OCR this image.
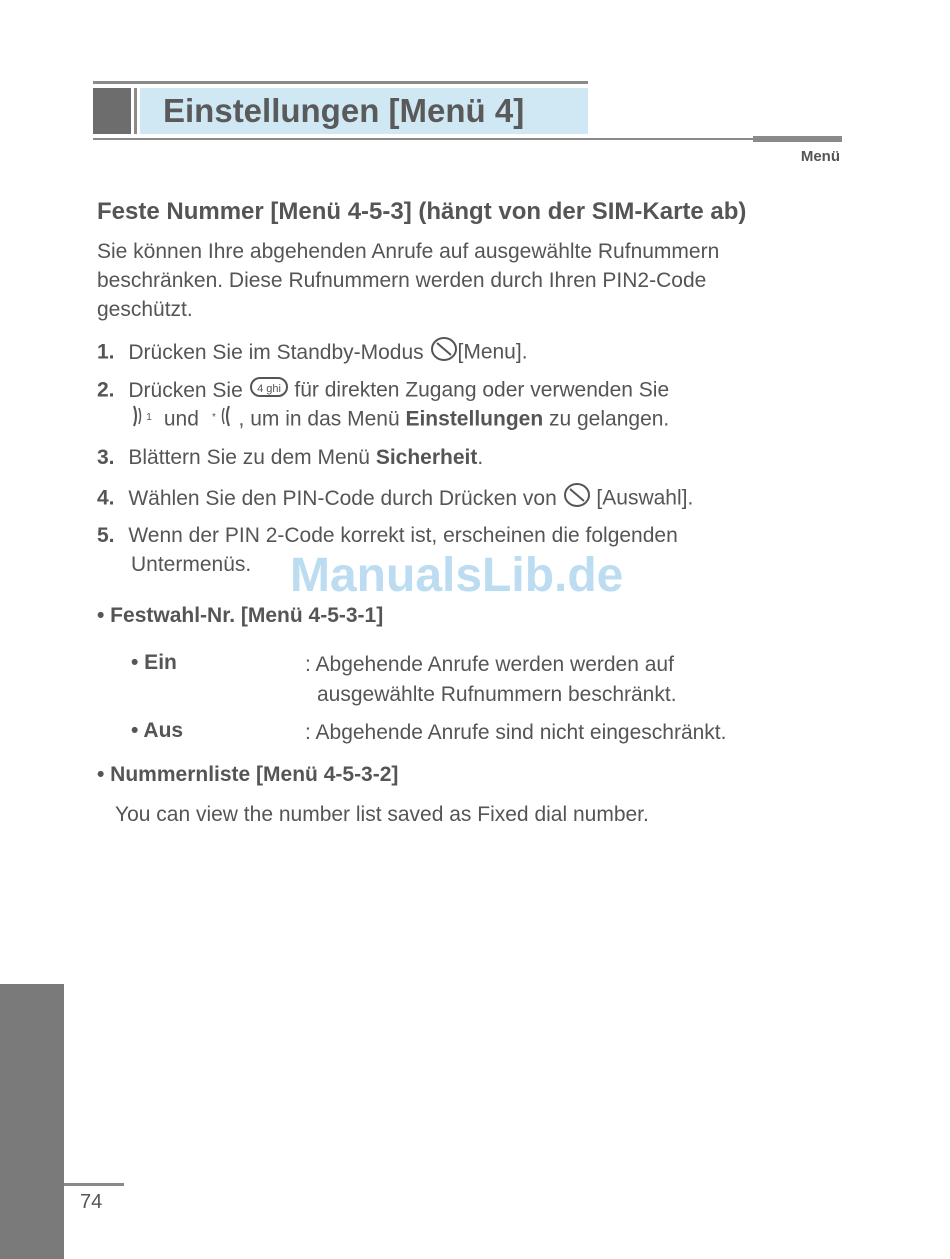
Einstellungen [Menü 4]
Menü
Feste Nummer [Menü 4-5-3] (hängt von der SIM-Karte ab)
Sie können Ihre abgehenden Anrufe auf ausgewählte Rufnummern
beschränken. Diese Rufnummern werden durch Ihren PIN2-Code
geschützt.
1. Drücken Sie im Standby-Modus [Menu].
2. Drücken Sie 4 ghi für direkten Zugang oder verwenden Sie
1 und * , um in das Menü Einstellungen zu gelangen.
3. Blättern Sie zu dem Menü Sicherheit.
4. Wählen Sie den PIN-Code durch Drücken von  [Auswahl].
5. Wenn der PIN 2-Code korrekt ist, erscheinen die folgenden
Untermenüs. ManualsLib.de
• Festwahl-Nr. [Menü 4-5-3-1]
• Ein	: Abgehende Anrufe werden werden auf
ausgewählte Rufnummern beschränkt.
• Aus	: Abgehende Anrufe sind nicht eingeschränkt.
• Nummernliste [Menü 4-5-3-2]
You can view the number list saved as Fixed dial number.
74
